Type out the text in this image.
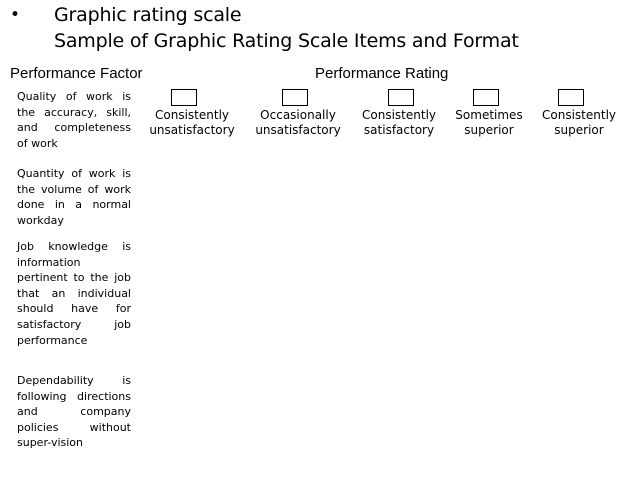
• Graphic rating scale
Sample of Graphic Rating Scale Items and Format
Performance Factor	Performance Rating
Quality of work is the accuracy, skill, and completeness of work
Quantity of work is the volume of work done in a normal workday
Job knowledge is information pertinent to the job that an individual should have for satisfactory job performance
Dependability is following directions and company policies without super-vision
Consistently
unsatisfactory
Occasionally
unsatisfactory
Consistently
satisfactory
Sometimes
superior
Consistently
superior
